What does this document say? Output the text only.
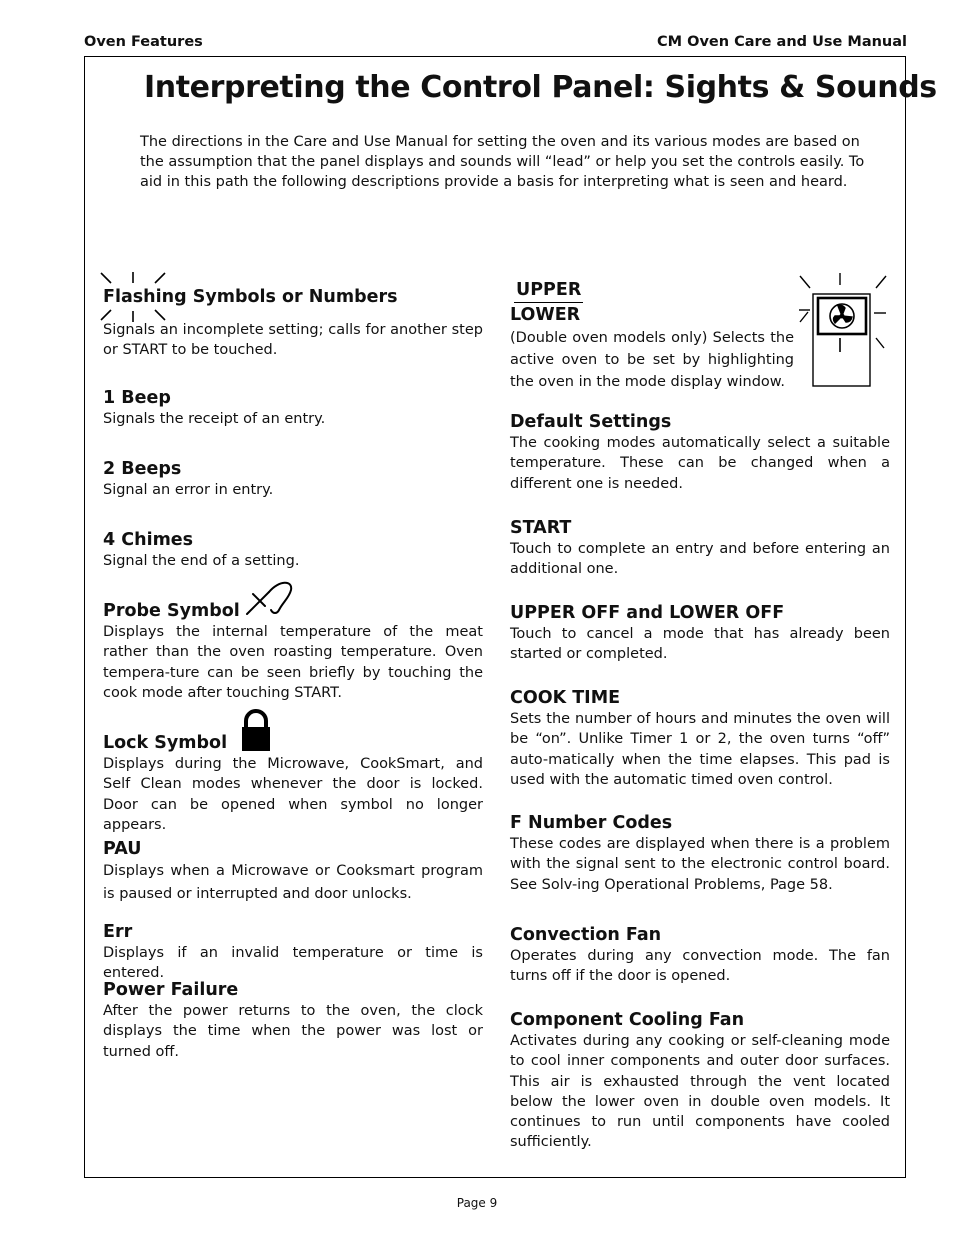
Oven Features	CM Oven Care and Use Manual
Interpreting the Control Panel: Sights & Sounds

The directions in the Care and Use Manual for setting the oven and its various modes are based on the assumption that the panel displays and sounds will “lead” or help you set the controls easily. To aid in this path the following descriptions provide a basis for interpreting what is seen and heard.

Flashing Symbols or Numbers

Signals an incomplete setting; calls for another step or START to be touched.

1 Beep

Signals the receipt of an entry.

2 Beeps

Signal an error in entry.

4 Chimes

Signal the end of a setting.

Probe Symbol

Displays the internal temperature of the meat rather than the oven roasting temperature. Oven tempera-ture can be seen briefly by touching the cook mode after touching START.

Lock Symbol

Displays during the Microwave, CookSmart, and Self Clean modes whenever the door is locked. Door can be opened when symbol no longer appears.

PAU

Displays when a Microwave or Cooksmart program is paused or interrupted and door unlocks.

Err

Displays if an invalid temperature or time is entered.

Power Failure

After the power returns to the oven, the clock displays the time when the power was lost or turned off.

UPPER
LOWER

(Double oven models only) Selects the active oven to be set by highlighting the oven in the mode display window.

Default Settings

The cooking modes automatically select a suitable temperature. These can be changed when a different one is needed.

START

Touch to complete an entry and before entering an additional one.

UPPER OFF and LOWER OFF

Touch to cancel a mode that has already been started or completed.

COOK TIME

Sets the number of hours and minutes the oven will be “on”. Unlike Timer 1 or 2, the oven turns “off” auto-matically when the time elapses. This pad is used with the automatic timed oven control.

F Number Codes

These codes are displayed when there is a problem with the signal sent to the electronic control board. See Solv-ing Operational Problems, Page 58.

Convection Fan

Operates during any convection mode. The fan turns off if the door is opened.

Component Cooling Fan

Activates during any cooking or self-cleaning mode to cool inner components and outer door surfaces. This air is exhausted through the vent located below the lower oven in double oven models. It continues to run until components have cooled sufficiently.

Page 9
